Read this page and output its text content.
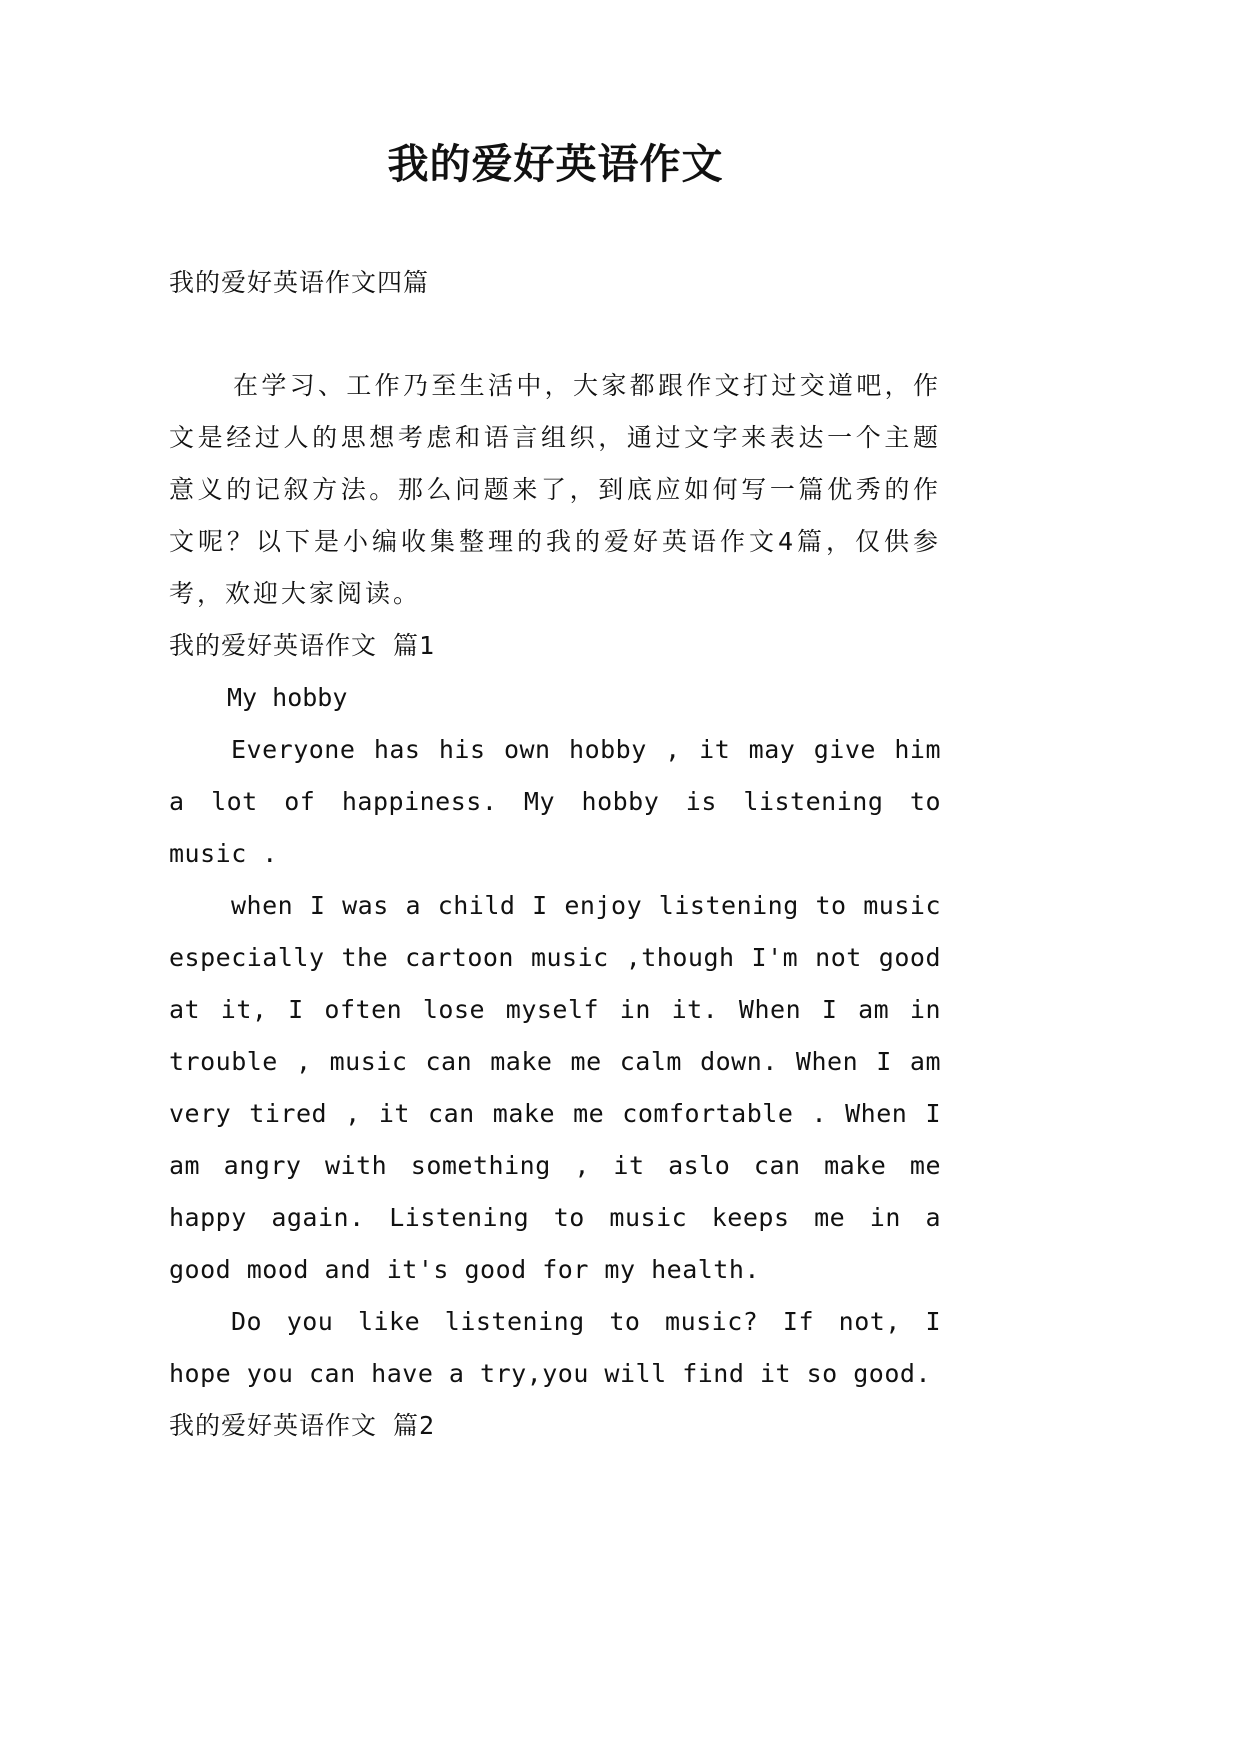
我的爱好英语作文

我的爱好英语作文四篇

在学习、工作乃至生活中，大家都跟作文打过交道吧，作文是经过人的思想考虑和语言组织，通过文字来表达一个主题意义的记叙方法。那么问题来了，到底应如何写一篇优秀的作文呢？以下是小编收集整理的我的爱好英语作文4篇，仅供参考，欢迎大家阅读。

我的爱好英语作文 篇1

My hobby

Everyone has his own hobby , it may give him a lot of happiness. My hobby is listening to music .

when I was a child I enjoy listening to music especially the cartoon music ,though I'm not good at it, I often lose myself in it. When I am in trouble , music can make me calm down. When I am very tired , it can make me comfortable . When I am angry with something , it aslo can make me happy again. Listening to music keeps me in a good mood and it's good for my health.

Do you like listening to music? If not, I hope you can have a try,you will find it so good.

我的爱好英语作文 篇2
